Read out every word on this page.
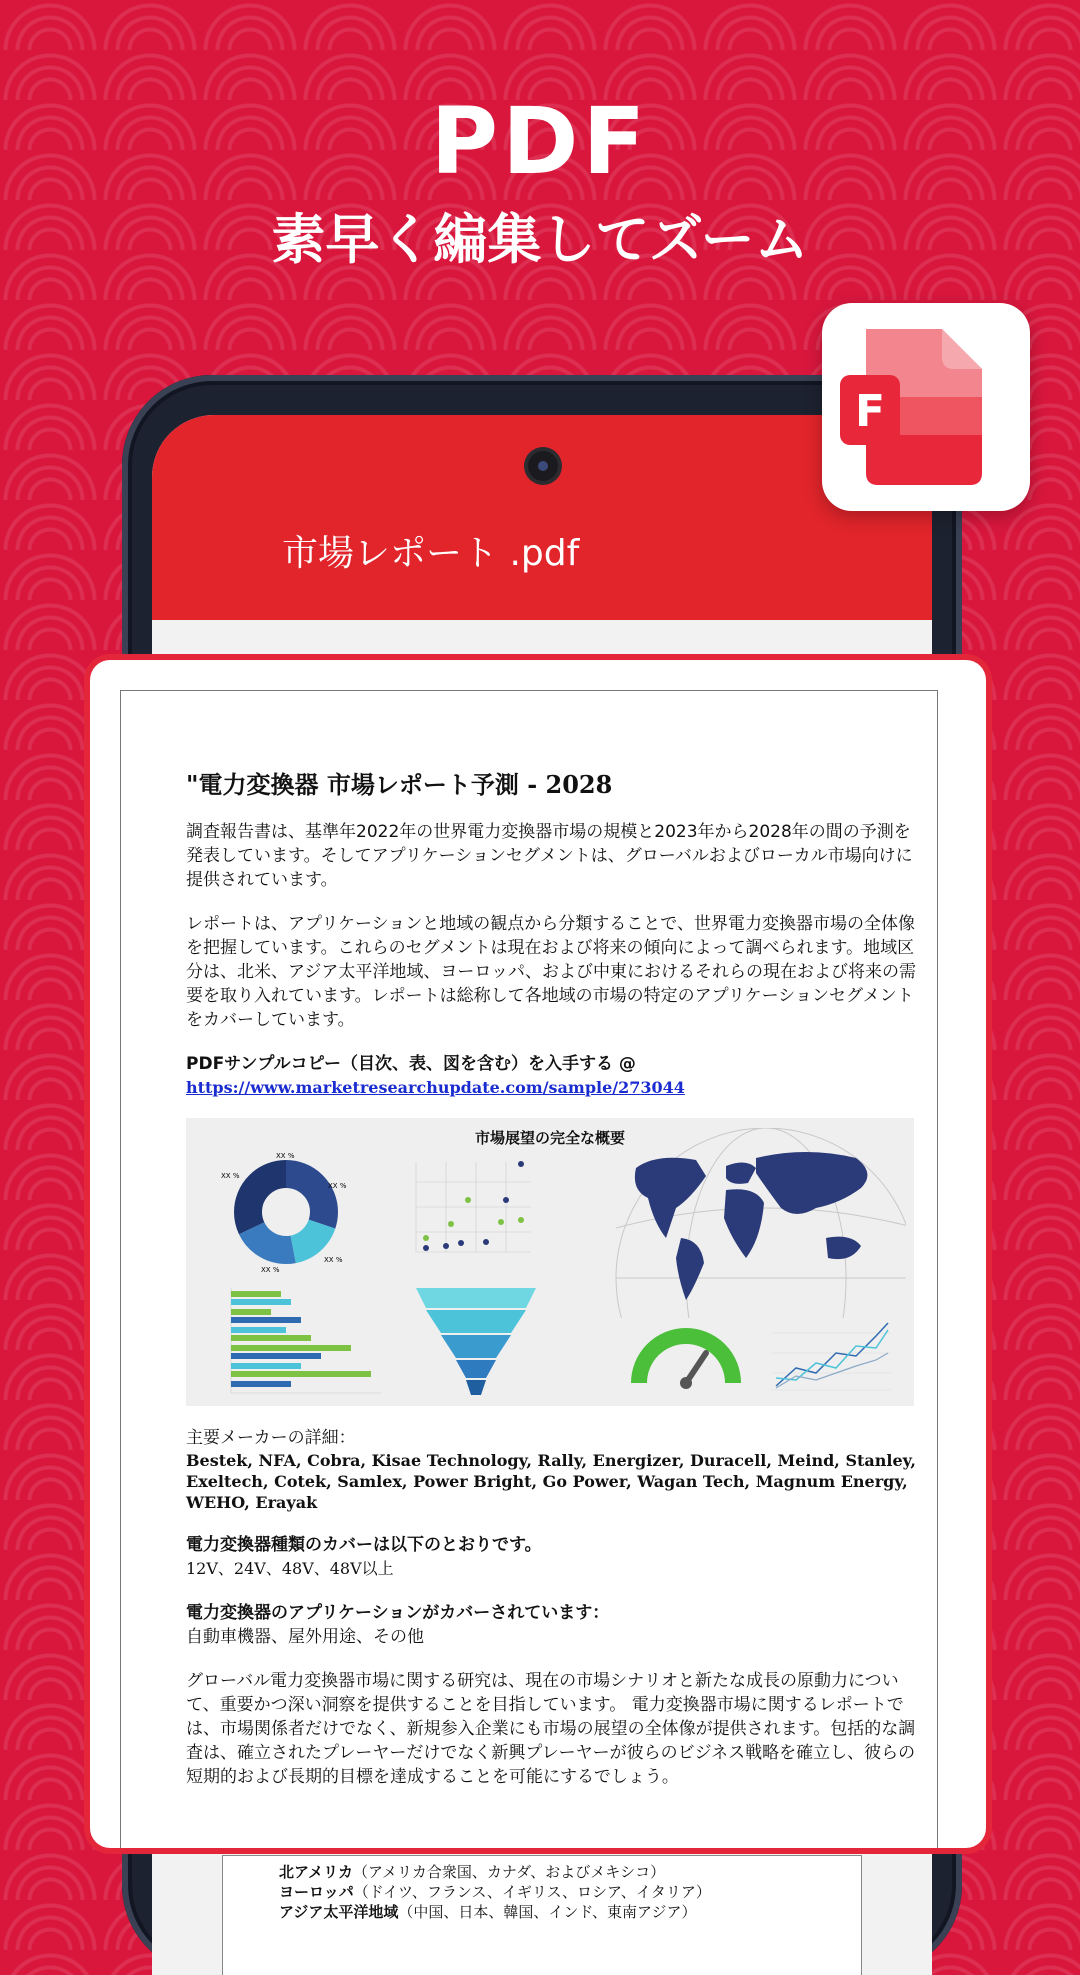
PDF
素早く編集してズーム
市場レポート .pdf
北アメリカ（アメリカ合衆国、カナダ、およびメキシコ）
ヨーロッパ（ドイツ、フランス、イギリス、ロシア、イタリア）
アジア太平洋地域（中国、日本、韓国、インド、東南アジア）
F
"電力変換器 市場レポート予測 - 2028
調査報告書は、基準年2022年の世界電力変換器市場の規模と2023年から2028年の間の予測を発表しています。そしてアプリケーションセグメントは、グローバルおよびローカル市場向けに提供されています。
レポートは、アプリケーションと地域の観点から分類することで、世界電力変換器市場の全体像を把握しています。これらのセグメントは現在および将来の傾向によって調べられます。地域区分は、北米、アジア太平洋地域、ヨーロッパ、および中東におけるそれらの現在および将来の需要を取り入れています。レポートは総称して各地域の市場の特定のアプリケーションセグメントをカバーしています。
PDFサンプルコピー（目次、表、図を含む）を入手する @
https://www.marketresearchupdate.com/sample/273044
市場展望の完全な概要
XX %
XX %
XX %
XX %
XX %
主要メーカーの詳細：
Bestek, NFA, Cobra, Kisae Technology, Rally, Energizer, Duracell, Meind, Stanley, Exeltech, Cotek, Samlex, Power Bright, Go Power, Wagan Tech, Magnum Energy, WEHO, Erayak
電力変換器種類のカバーは以下のとおりです。
12V、24V、48V、48V以上
電力変換器のアプリケーションがカバーされています：
自動車機器、屋外用途、その他
グローバル電力変換器市場に関する研究は、現在の市場シナリオと新たな成長の原動力について、重要かつ深い洞察を提供することを目指しています。 電力変換器市場に関するレポートでは、市場関係者だけでなく、新規参入企業にも市場の展望の全体像が提供されます。包括的な調査は、確立されたプレーヤーだけでなく新興プレーヤーが彼らのビジネス戦略を確立し、彼らの短期的および長期的目標を達成することを可能にするでしょう。
